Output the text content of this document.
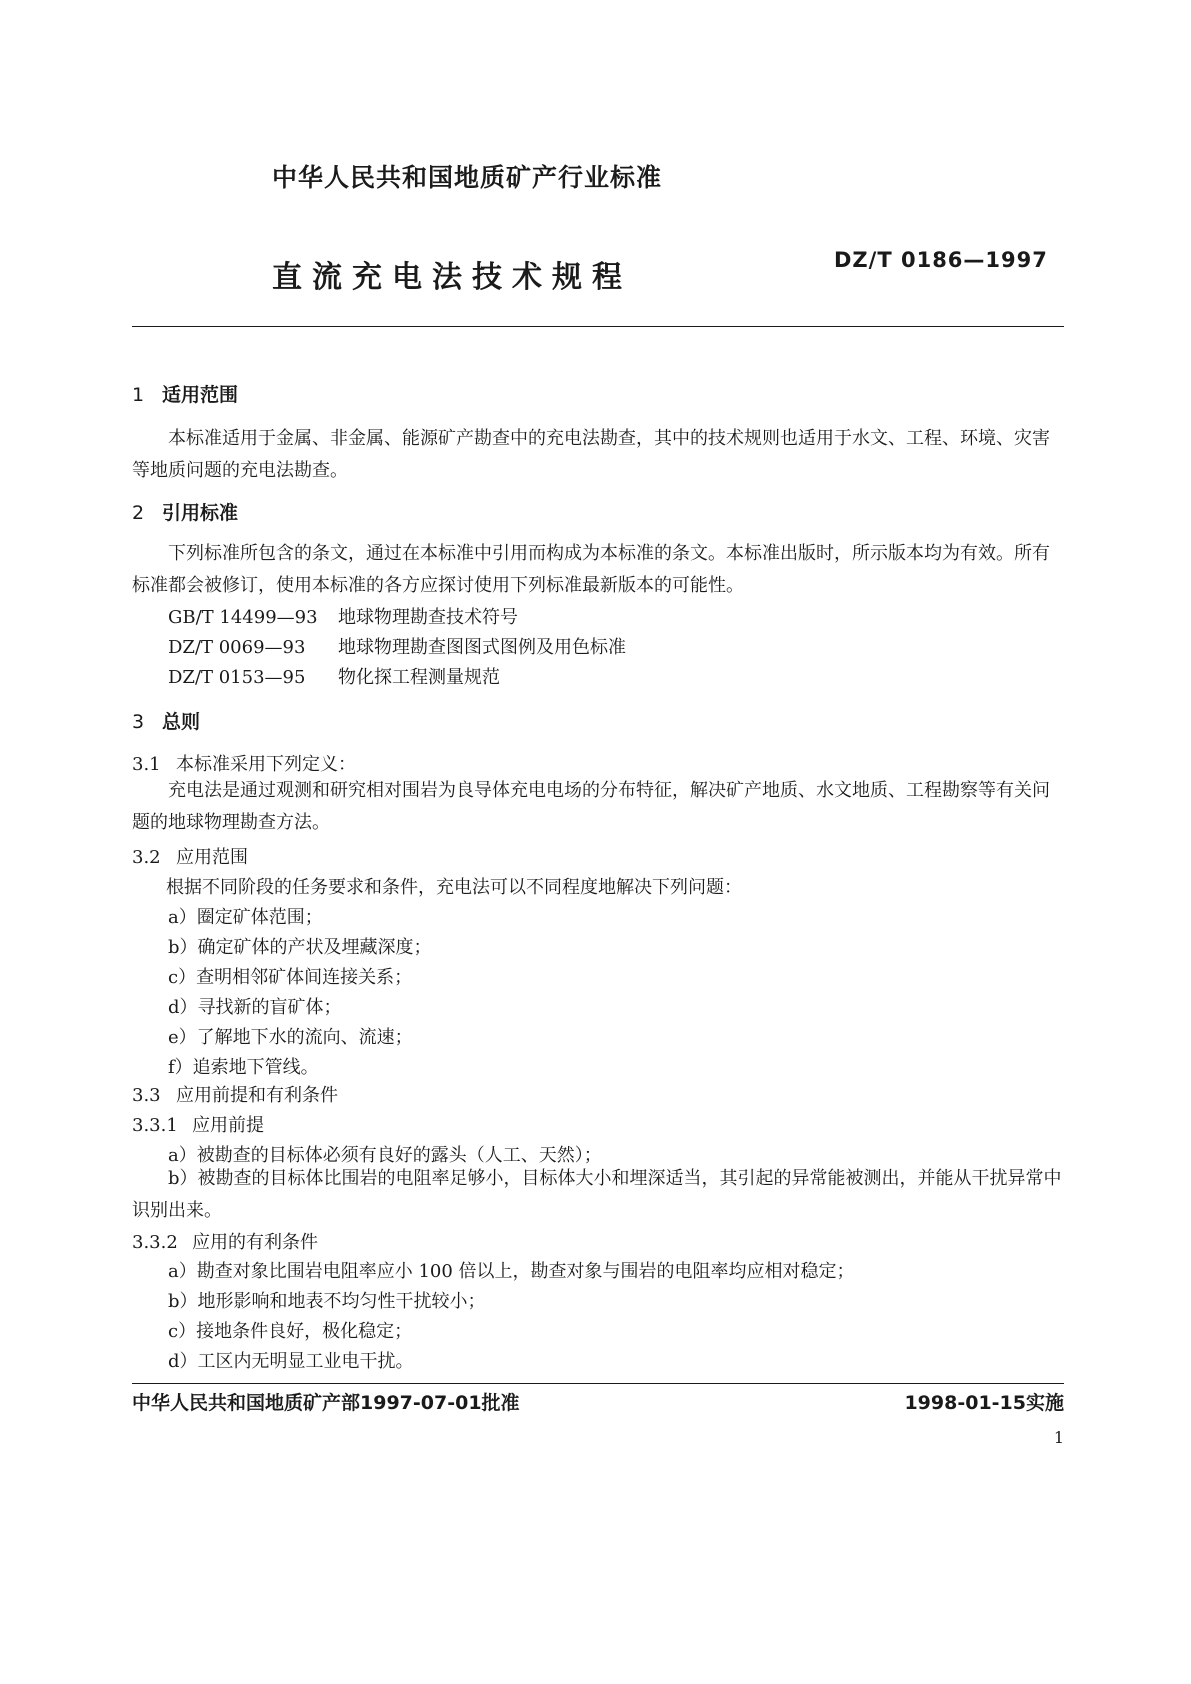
中华人民共和国地质矿产行业标准
直流充电法技术规程	DZ/T 0186—1997
1 适用范围
本标准适用于金属、非金属、能源矿产勘查中的充电法勘查，其中的技术规则也适用于水文、工程、环境、灾害等地质问题的充电法勘查。
2 引用标准
下列标准所包含的条文，通过在本标准中引用而构成为本标准的条文。本标准出版时，所示版本均为有效。所有标准都会被修订，使用本标准的各方应探讨使用下列标准最新版本的可能性。
GB/T 14499—93 地球物理勘查技术符号
DZ/T 0069—93 地球物理勘查图图式图例及用色标准
DZ/T 0153—95 物化探工程测量规范
3 总则
3.1 本标准采用下列定义：
充电法是通过观测和研究相对围岩为良导体充电电场的分布特征，解决矿产地质、水文地质、工程勘察等有关问题的地球物理勘查方法。
3.2 应用范围
根据不同阶段的任务要求和条件，充电法可以不同程度地解决下列问题：
a）圈定矿体范围；
b）确定矿体的产状及埋藏深度；
c）查明相邻矿体间连接关系；
d）寻找新的盲矿体；
e）了解地下水的流向、流速；
f）追索地下管线。
3.3 应用前提和有利条件
3.3.1 应用前提
a）被勘查的目标体必须有良好的露头（人工、天然）；
b）被勘查的目标体比围岩的电阻率足够小，目标体大小和埋深适当，其引起的异常能被测出，并能从干扰异常中识别出来。
3.3.2 应用的有利条件
a）勘查对象比围岩电阻率应小 100 倍以上，勘查对象与围岩的电阻率均应相对稳定；
b）地形影响和地表不均匀性干扰较小；
c）接地条件良好，极化稳定；
d）工区内无明显工业电干扰。
中华人民共和国地质矿产部1997-07-01批准	1998-01-15实施
1
